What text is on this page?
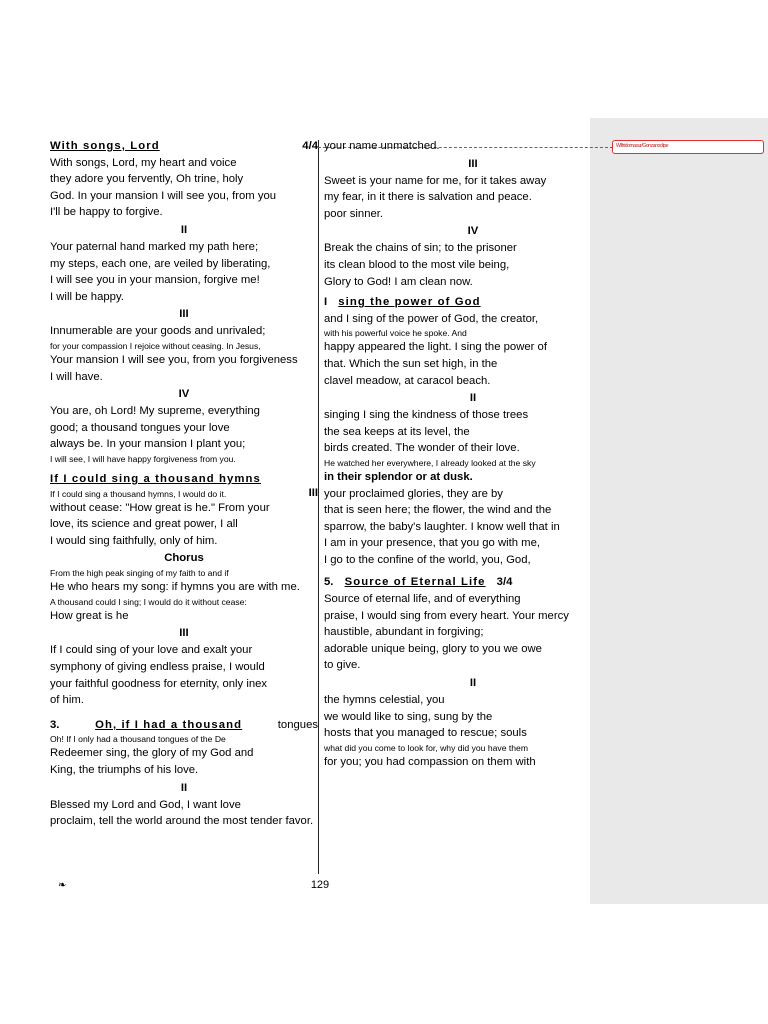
Wilfridomasur/Gonzanoclipe
With songs, Lord	4/4
With songs, Lord, my heart and voice
they adore you fervently, Oh trine, holy
God. In your mansion I will see you, from you
I'll be happy to forgive.
II
Your paternal hand marked my path here;
my steps, each one, are veiled by liberating,
I will see you in your mansion, forgive me!
I will be happy.
III
Innumerable are your goods and unrivaled;
for your compassion I rejoice without ceasing. In Jesus,
Your mansion I will see you, from you forgiveness
I will have.
IV
You are, oh Lord! My supreme, everything
good; a thousand tongues your love
always be. In your mansion I plant you;
I will see, I will have happy forgiveness from you.
If I could sing a thousand hymns
If I could sing a thousand hymns, I would do it.	III
without cease: "How great is he." From your
love, its science and great power, I all
I would sing faithfully, only of him.
Chorus
From the high peak singing of my faith to and if
He who hears my song: if hymns you are with me.
A thousand could I sing; I would do it without cease:
How great is he
III
If I could sing of your love and exalt your
symphony of giving endless praise, I would
your faithful goodness for eternity, only inex
of him.
3.	Oh, if I had a thousand	tongues
Oh! If I only had a thousand tongues of the De
Redeemer sing, the glory of my God and
King, the triumphs of his love.
II
Blessed my Lord and God, I want love
proclaim, tell the world around the most tender favor.
your name unmatched.
III
Sweet is your name for me, for it takes away
my fear, in it there is salvation and peace.
poor sinner.
IV
Break the chains of sin; to the prisoner
its clean blood to the most vile being,
Glory to God! I am clean now.
I sing the power of God
and I sing of the power of God, the creator,
with his powerful voice he spoke. And
happy appeared the light. I sing the power of
that. Which the sun set high, in the
clavel meadow, at caracol beach.
II
singing I sing the kindness of those trees
the sea keeps at its level, the
birds created. The wonder of their love.
He watched her everywhere, I already looked at the sky
in their splendor or at dusk.
your proclaimed glories, they are by
that is seen here; the flower, the wind and the
sparrow, the baby's laughter. I know well that in
I am in your presence, that you go with me,
I go to the confine of the world, you, God,
5. Source of Eternal Life 3/4
Source of eternal life, and of everything
praise, I would sing from every heart. Your mercy
haustible, abundant in forgiving;
adorable unique being, glory to you we owe
to give.
II
the hymns celestial, you
we would like to sing, sung by the
hosts that you managed to rescue; souls
what did you come to look for, why did you have them
for you; you had compassion on them with
❧	129
